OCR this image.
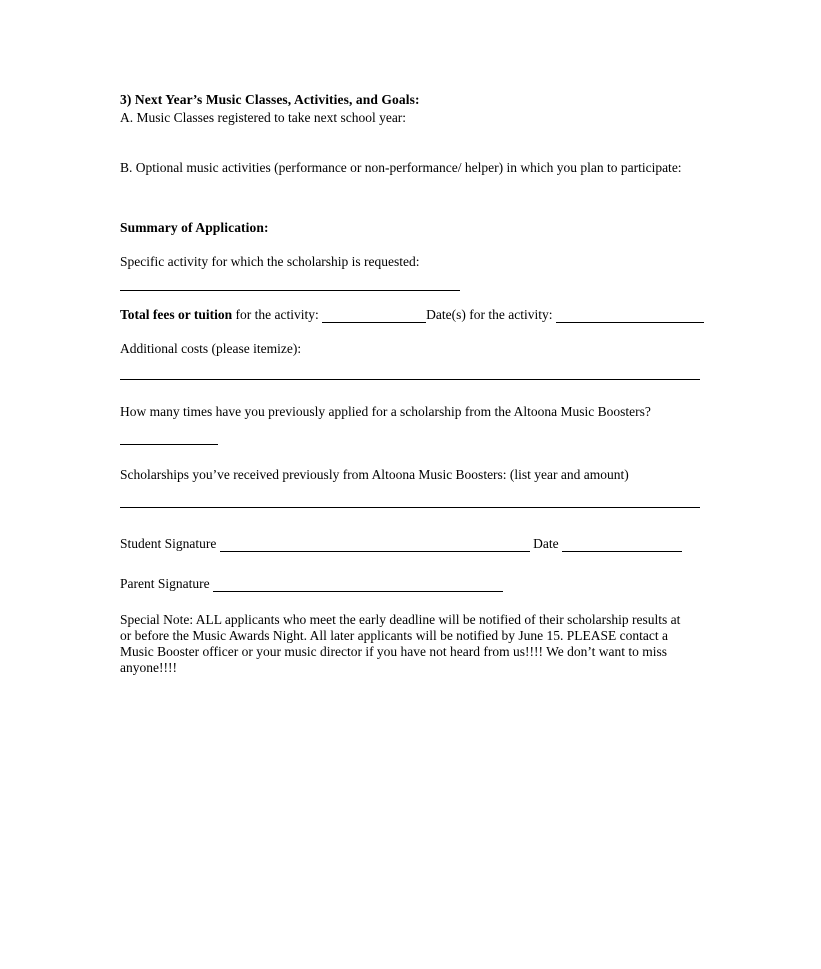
3) Next Year’s Music Classes, Activities, and Goals:
A. Music Classes registered to take next school year:
B. Optional music activities (performance or non-performance/ helper) in which you plan to participate:
Summary of Application:
Specific activity for which the scholarship is requested:
Total fees or tuition for the activity:	Date(s) for the activity:
Additional costs (please itemize):
How many times have you previously applied for a scholarship from the Altoona Music Boosters?
Scholarships you’ve received previously from Altoona Music Boosters: (list year and amount)
Student Signature	Date
Parent Signature
Special Note: ALL applicants who meet the early deadline will be notified of their scholarship results at or before the Music Awards Night. All later applicants will be notified by June 15. PLEASE contact a Music Booster officer or your music director if you have not heard from us!!!! We don’t want to miss anyone!!!!
